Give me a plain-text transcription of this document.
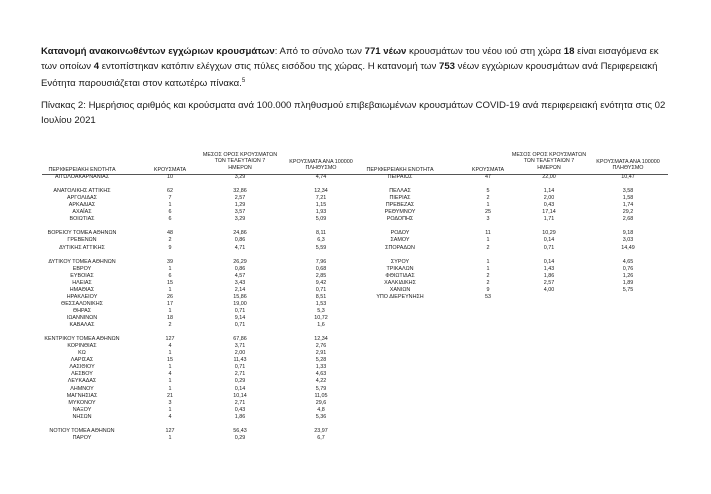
Κατανομή ανακοινωθέντων εγχώριων κρουσμάτων: Από το σύνολο των 771 νέων κρουσμάτων του νέου ιού στη χώρα 18 είναι εισαγόμενα εκ των οποίων 4 εντοπίστηκαν κατόπιν ελέγχων στις πύλες εισόδου της χώρας. Η κατανομή των 753 νέων εγχώριων κρουσμάτων ανά Περιφερειακή Ενότητα παρουσιάζεται στον κατωτέρω πίνακα.$^5$
Πίνακας 2: Ημερήσιος αριθμός και κρούσματα ανά 100.000 πληθυσμού επιβεβαιωμένων κρουσμάτων COVID-19 ανά περιφερειακή ενότητα στις 02 Ιουλίου 2021
ΠΕΡΙΦΕΡΕΙΑΚΗ ΕΝΟΤΗΤΑ	ΚΡΟΥΣΜΑΤΑ
ΜΕΣΟΣ ΟΡΟΣ ΚΡΟΥΣΜΑΤΩΝ
ΤΩΝ ΤΕΛΕΥΤΑΙΩΝ 7
ΗΜΕΡΩΝ
ΚΡΟΥΣΜΑΤΑ ΑΝΑ 100000
ΠΛΗΘΥΣΜΟ	ΠΕΡΙΦΕΡΕΙΑΚΗ ΕΝΟΤΗΤΑ	ΚΡΟΥΣΜΑΤΑ
ΜΕΣΟΣ ΟΡΟΣ ΚΡΟΥΣΜΑΤΩΝ
ΤΩΝ ΤΕΛΕΥΤΑΙΩΝ 7
ΗΜΕΡΩΝ
ΚΡΟΥΣΜΑΤΑ ΑΝΑ 100000
ΠΛΗΘΥΣΜΟ
ΑΙΤΩΛΟΑΚΑΡΝΑΝΙΑΣ	10	3,29	4,74
ΑΝΑΤΟΛΙΚΗΣ ΑΤΤΙΚΗΣ	62	32,86	12,34
ΑΡΓΟΛΙΔΑΣ	7	2,57	7,21
ΑΡΚΑΔΙΑΣ	1	1,29	1,15
ΑΧΑΪΑΣ	6	3,57	1,93
ΒΟΙΩΤΙΑΣ	6	3,29	5,09
ΒΟΡΕΙΟΥ ΤΟΜΕΑ ΑΘΗΝΩΝ	48	24,86	8,11
ΓΡΕΒΕΝΩΝ	2	0,86	6,3
ΔΥΤΙΚΗΣ ΑΤΤΙΚΗΣ	9	4,71	5,59
ΔΥΤΙΚΟΥ ΤΟΜΕΑ ΑΘΗΝΩΝ	39	26,29	7,96
ΕΒΡΟΥ	1	0,86	0,68
ΕΥΒΟΙΑΣ	6	4,57	2,85
ΗΛΕΙΑΣ	15	3,43	9,42
ΗΜΑΘΙΑΣ	1	2,14	0,71
ΗΡΑΚΛΕΙΟΥ	26	15,86	8,51
ΘΕΣΣΑΛΟΝΙΚΗΣ	17	19,00	1,53
ΘΗΡΑΣ	1	0,71	5,3
ΙΩΑΝΝΙΝΩΝ	18	9,14	10,72
ΚΑΒΑΛΑΣ	2	0,71	1,6
ΚΕΝΤΡΙΚΟΥ ΤΟΜΕΑ ΑΘΗΝΩΝ	127	67,86	12,34
ΚΟΡΙΝΘΙΑΣ	4	3,71	2,76
ΚΩ	1	2,00	2,91
ΛΑΡΙΣΑΣ	15	11,43	5,28
ΛΑΣΙΘΙΟΥ	1	0,71	1,33
ΛΕΣΒΟΥ	4	2,71	4,63
ΛΕΥΚΑΔΑΣ	1	0,29	4,22
ΛΗΜΝΟΥ	1	0,14	5,79
ΜΑΓΝΗΣΙΑΣ	21	10,14	11,05
ΜΥΚΟΝΟΥ	3	2,71	29,6
ΝΑΞΟΥ	1	0,43	4,8
ΝΗΣΩΝ	4	1,86	5,36
ΝΟΤΙΟΥ ΤΟΜΕΑ ΑΘΗΝΩΝ	127	56,43	23,97
ΠΑΡΟΥ	1	0,29	6,7
ΠΕΙΡΑΙΩΣ	47	22,00	10,47
ΠΕΛΛΑΣ	5	1,14	3,58
ΠΙΕΡΙΑΣ	2	2,00	1,58
ΠΡΕΒΕΖΑΣ	1	0,43	1,74
ΡΕΘΥΜΝΟΥ	25	17,14	29,2
ΡΟΔΟΠΗΣ	3	1,71	2,68
ΡΟΔΟΥ	11	10,29	9,18
ΣΑΜΟΥ	1	0,14	3,03
ΣΠΟΡΑΔΩΝ	2	0,71	14,49
ΣΥΡΟΥ	1	0,14	4,65
ΤΡΙΚΑΛΩΝ	1	1,43	0,76
ΦΘΙΩΤΙΔΑΣ	2	1,86	1,26
ΧΑΛΚΙΔΙΚΗΣ	2	2,57	1,89
ΧΑΝΙΩΝ	9	4,00	5,75
ΥΠΟ ΔΙΕΡΕΥΝΗΣΗ	53
